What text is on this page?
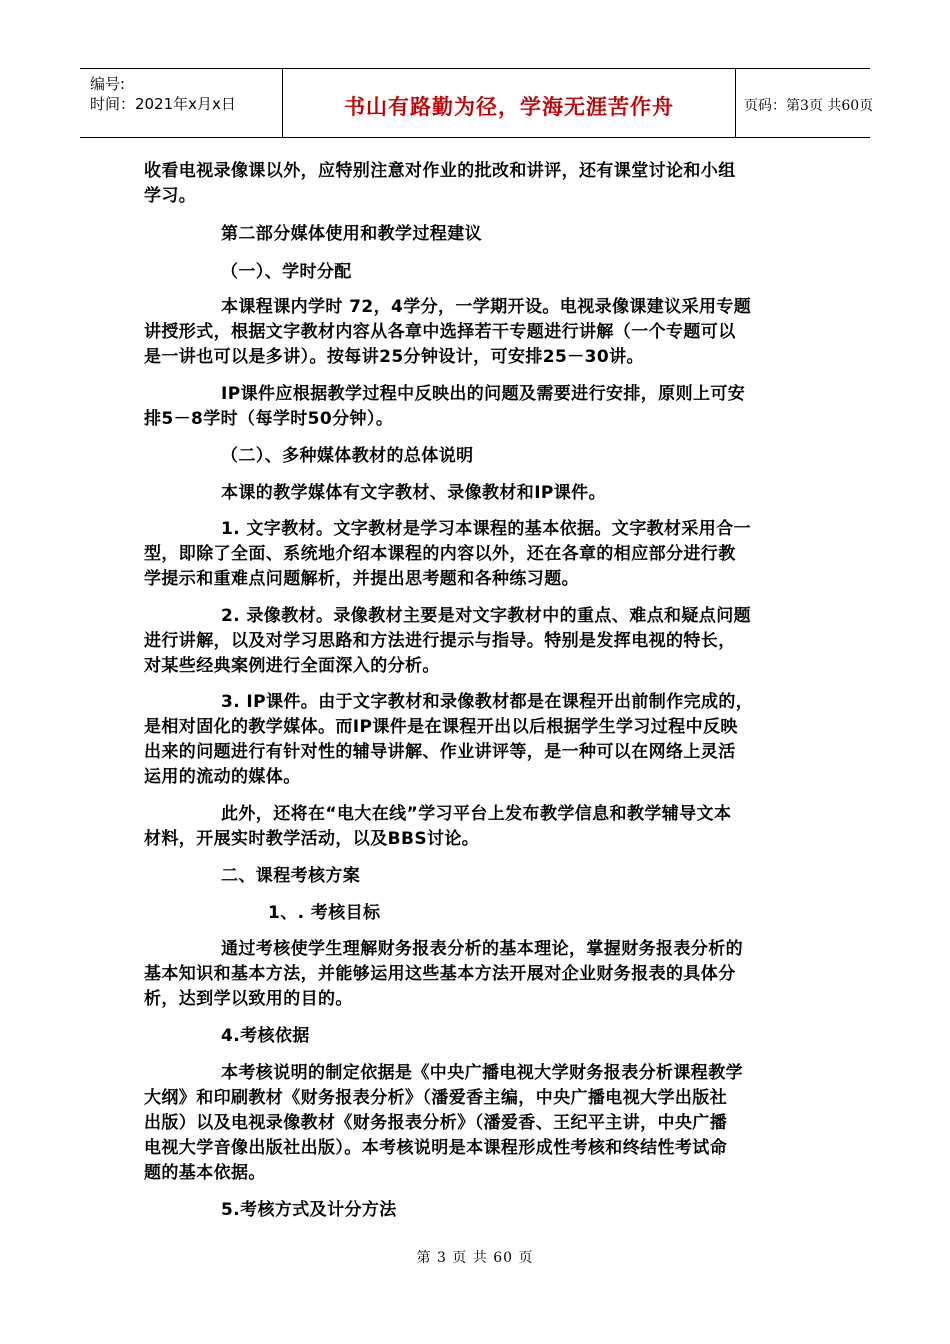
编号:
时间：2021年x月x日	书山有路勤为径，学海无涯苦作舟	页码：第3页 共60页
收看电视录像课以外，应特别注意对作业的批改和讲评，还有课堂讨论和小组
学习。
第二部分媒体使用和教学过程建议
（一）、学时分配
本课程课内学时 72，4学分，一学期开设。电视录像课建议采用专题
讲授形式，根据文字教材内容从各章中选择若干专题进行讲解（一个专题可以
是一讲也可以是多讲）。按每讲25分钟设计，可安排25－30讲。
IP课件应根据教学过程中反映出的问题及需要进行安排，原则上可安
排5－8学时（每学时50分钟）。
（二）、多种媒体教材的总体说明
本课的教学媒体有文字教材、录像教材和IP课件。
1. 文字教材。文字教材是学习本课程的基本依据。文字教材采用合一
型，即除了全面、系统地介绍本课程的内容以外，还在各章的相应部分进行教
学提示和重难点问题解析，并提出思考题和各种练习题。
2. 录像教材。录像教材主要是对文字教材中的重点、难点和疑点问题
进行讲解，以及对学习思路和方法进行提示与指导。特别是发挥电视的特长，
对某些经典案例进行全面深入的分析。
3. IP课件。由于文字教材和录像教材都是在课程开出前制作完成的，
是相对固化的教学媒体。而IP课件是在课程开出以后根据学生学习过程中反映
出来的问题进行有针对性的辅导讲解、作业讲评等，是一种可以在网络上灵活
运用的流动的媒体。
此外，还将在“电大在线”学习平台上发布教学信息和教学辅导文本
材料，开展实时教学活动，以及BBS讨论。
二、课程考核方案
1、. 考核目标
通过考核使学生理解财务报表分析的基本理论，掌握财务报表分析的
基本知识和基本方法，并能够运用这些基本方法开展对企业财务报表的具体分
析，达到学以致用的目的。
4.考核依据
本考核说明的制定依据是《中央广播电视大学财务报表分析课程教学
大纲》和印刷教材《财务报表分析》（潘爱香主编，中央广播电视大学出版社
出版）以及电视录像教材《财务报表分析》（潘爱香、王纪平主讲，中央广播
电视大学音像出版社出版）。本考核说明是本课程形成性考核和终结性考试命
题的基本依据。
5.考核方式及计分方法
第 3 页 共 60 页
